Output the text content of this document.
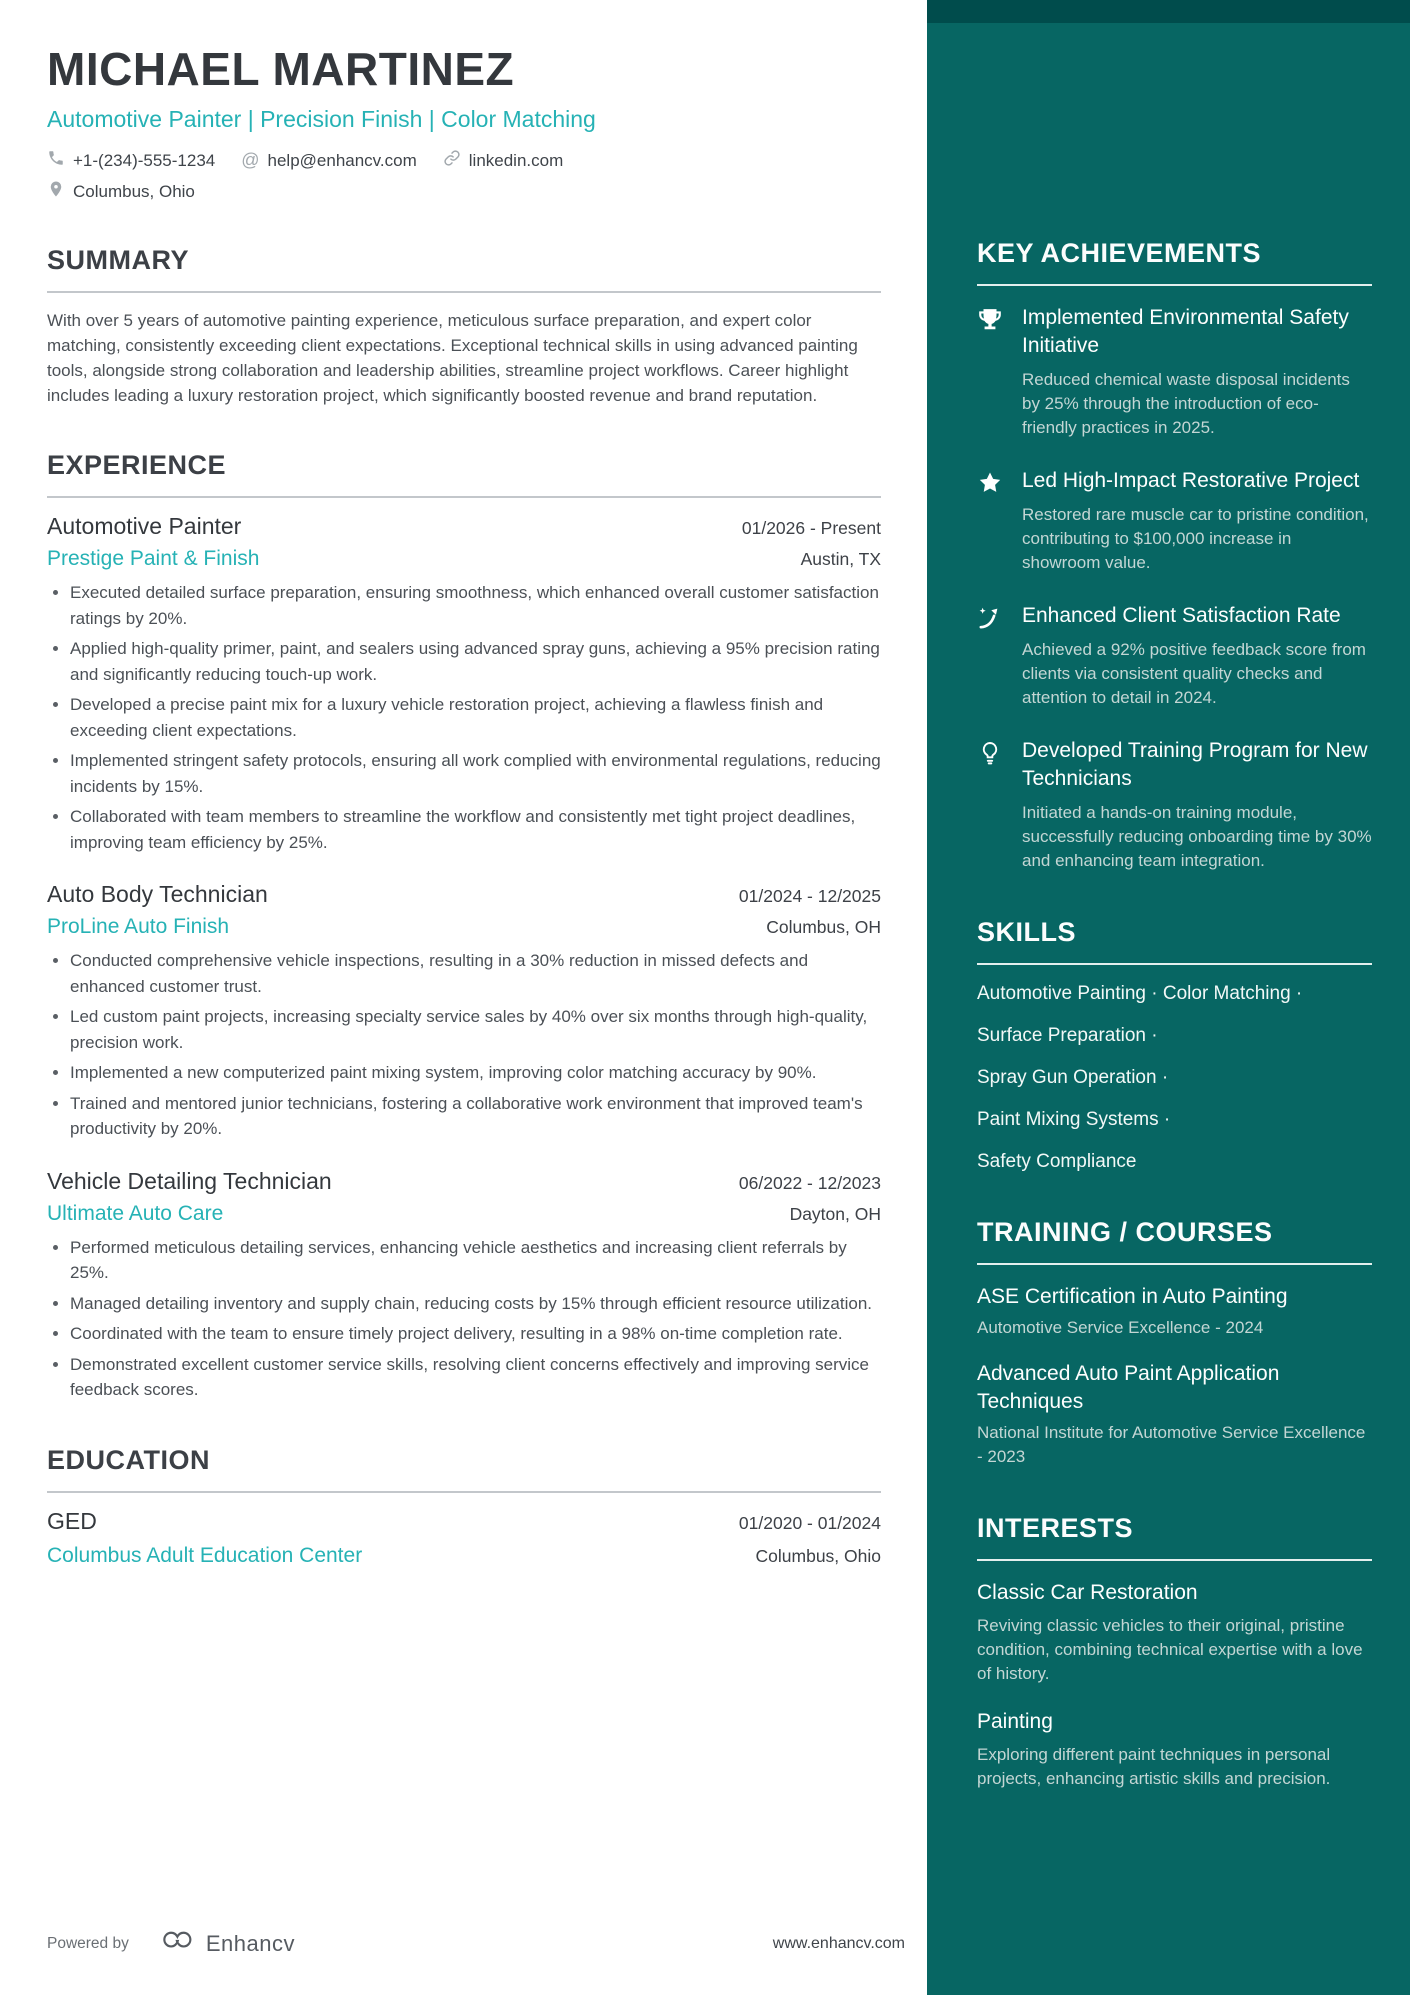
KEY ACHIEVEMENTS
Implemented Environmental Safety Initiative
Reduced chemical waste disposal incidents by 25% through the introduction of eco-friendly practices in 2025.
Led High-Impact Restorative Project
Restored rare muscle car to pristine condition, contributing to $100,000 increase in showroom value.
Enhanced Client Satisfaction Rate
Achieved a 92% positive feedback score from clients via consistent quality checks and attention to detail in 2024.
Developed Training Program for New Technicians
Initiated a hands-on training module, successfully reducing onboarding time by 30% and enhancing team integration.
SKILLS
Automotive Painting · Color Matching ·
Surface Preparation ·
Spray Gun Operation ·
Paint Mixing Systems ·
Safety Compliance
TRAINING / COURSES
ASE Certification in Auto Painting
Automotive Service Excellence - 2024
Advanced Auto Paint Application Techniques
National Institute for Automotive Service Excellence - 2023
INTERESTS
Classic Car Restoration
Reviving classic vehicles to their original, pristine condition, combining technical expertise with a love of history.
Painting
Exploring different paint techniques in personal projects, enhancing artistic skills and precision.
MICHAEL MARTINEZ
Automotive Painter | Precision Finish | Color Matching
+1-(234)-555-1234 @ help@enhancv.com	linkedin.com
Columbus, Ohio
SUMMARY

With over 5 years of automotive painting experience, meticulous surface preparation, and expert color matching, consistently exceeding client expectations. Exceptional technical skills in using advanced painting tools, alongside strong collaboration and leadership abilities, streamline project workflows. Career highlight includes leading a luxury restoration project, which significantly boosted revenue and brand reputation.

EXPERIENCE
Automotive Painter	01/2026 - Present
Prestige Paint & Finish	Austin, TX
• Executed detailed surface preparation, ensuring smoothness, which enhanced overall customer satisfaction ratings by 20%.
• Applied high-quality primer, paint, and sealers using advanced spray guns, achieving a 95% precision rating and significantly reducing touch-up work.
• Developed a precise paint mix for a luxury vehicle restoration project, achieving a flawless finish and exceeding client expectations.
• Implemented stringent safety protocols, ensuring all work complied with environmental regulations, reducing incidents by 15%.
• Collaborated with team members to streamline the workflow and consistently met tight project deadlines, improving team efficiency by 25%.
Auto Body Technician	01/2024 - 12/2025
ProLine Auto Finish	Columbus, OH
• Conducted comprehensive vehicle inspections, resulting in a 30% reduction in missed defects and enhanced customer trust.
• Led custom paint projects, increasing specialty service sales by 40% over six months through high-quality, precision work.
• Implemented a new computerized paint mixing system, improving color matching accuracy by 90%.
• Trained and mentored junior technicians, fostering a collaborative work environment that improved team's productivity by 20%.
Vehicle Detailing Technician	06/2022 - 12/2023
Ultimate Auto Care	Dayton, OH
• Performed meticulous detailing services, enhancing vehicle aesthetics and increasing client referrals by 25%.
• Managed detailing inventory and supply chain, reducing costs by 15% through efficient resource utilization.
• Coordinated with the team to ensure timely project delivery, resulting in a 98% on-time completion rate.
• Demonstrated excellent customer service skills, resolving client concerns effectively and improving service feedback scores.
EDUCATION
GED	01/2020 - 01/2024
Columbus Adult Education Center	Columbus, Ohio
Powered by	Enhancv	www.enhancv.com
